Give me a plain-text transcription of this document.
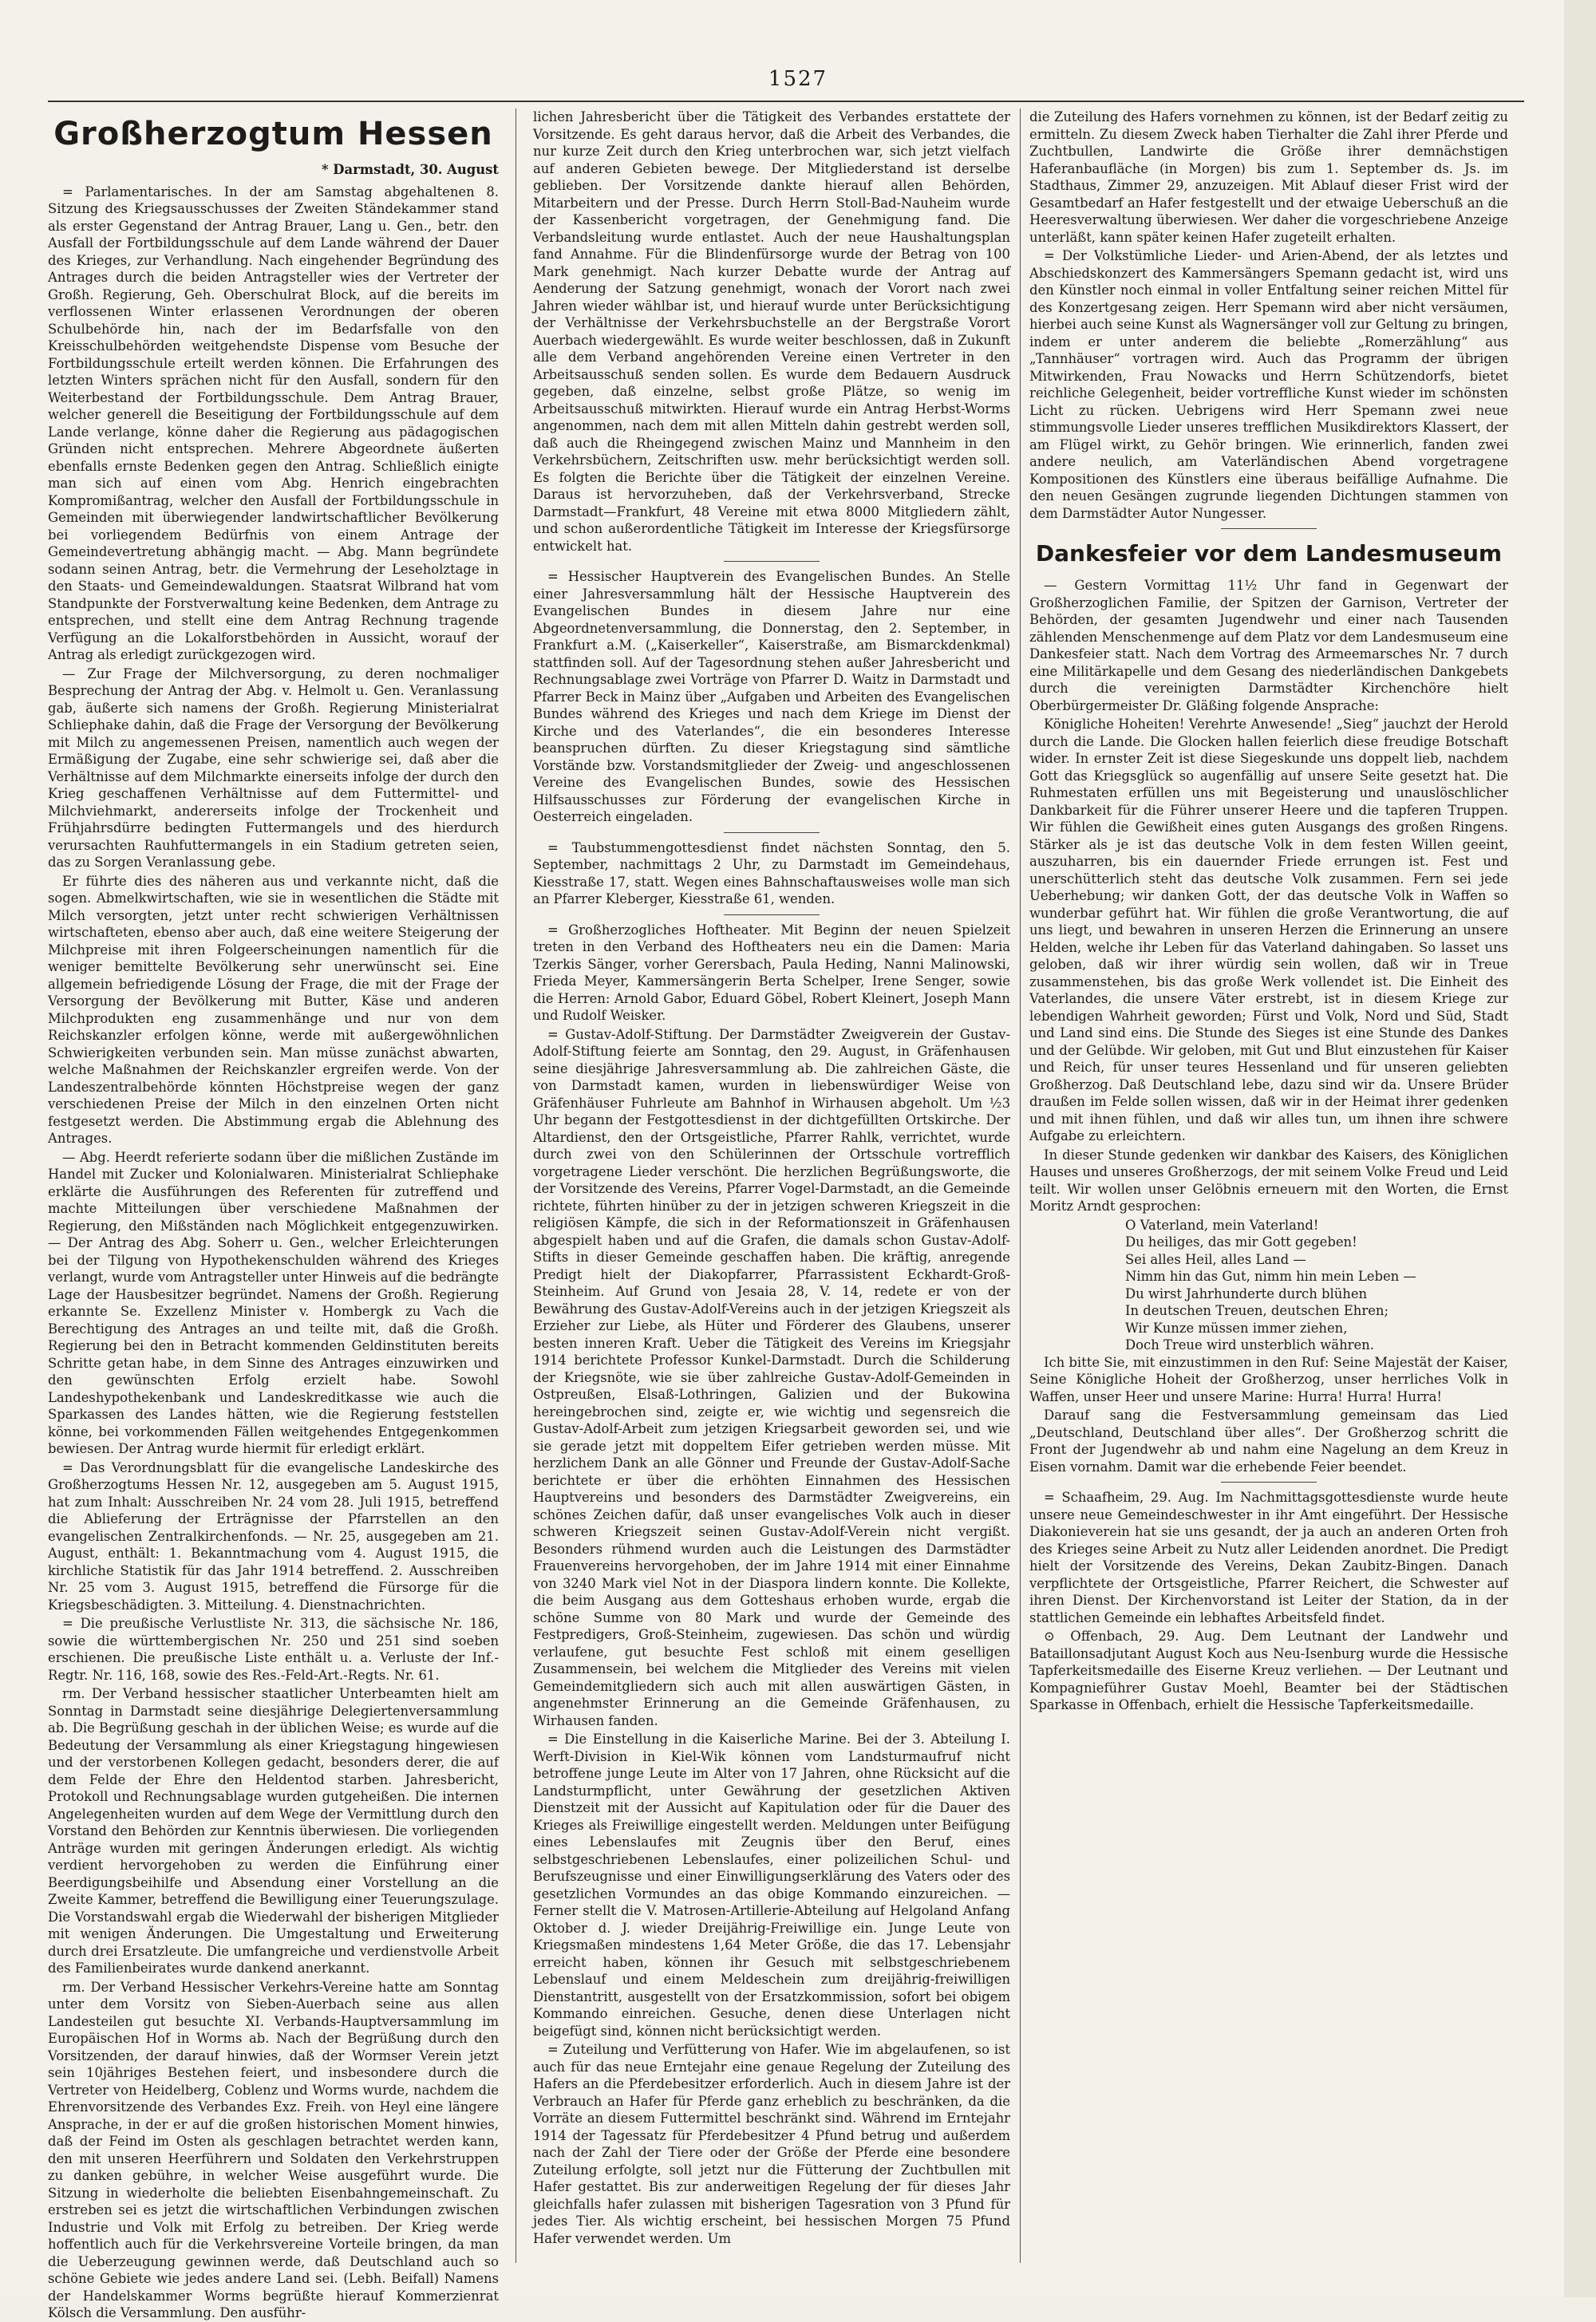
1527
Großherzogtum Hessen
* Darmstadt, 30. August

= Parlamentarisches. In der am Samstag abgehaltenen 8. Sitzung des Kriegsausschusses der Zweiten Ständekammer stand als erster Gegenstand der Antrag Brauer, Lang u. Gen., betr. den Ausfall der Fortbildungsschule auf dem Lande während der Dauer des Krieges, zur Verhandlung. Nach eingehender Begründung des Antrages durch die beiden Antragsteller wies der Vertreter der Großh. Regierung, Geh. Oberschulrat Block, auf die bereits im verflossenen Winter erlassenen Verordnungen der oberen Schulbehörde hin, nach der im Bedarfsfalle von den Kreisschulbehörden weitgehendste Dispense vom Besuche der Fortbildungsschule erteilt werden können. Die Erfahrungen des letzten Winters sprächen nicht für den Ausfall, sondern für den Weiterbestand der Fortbildungsschule. Dem Antrag Brauer, welcher generell die Beseitigung der Fortbildungsschule auf dem Lande verlange, könne daher die Regierung aus pädagogischen Gründen nicht entsprechen. Mehrere Abgeordnete äußerten ebenfalls ernste Bedenken gegen den Antrag. Schließlich einigte man sich auf einen vom Abg. Henrich eingebrachten Kompromißantrag, welcher den Ausfall der Fortbildungsschule in Gemeinden mit überwiegender landwirtschaftlicher Bevölkerung bei vorliegendem Bedürfnis von einem Antrage der Gemeindevertretung abhängig macht. — Abg. Mann begründete sodann seinen Antrag, betr. die Vermehrung der Leseholztage in den Staats- und Gemeindewaldungen. Staatsrat Wilbrand hat vom Standpunkte der Forstverwaltung keine Bedenken, dem Antrage zu entsprechen, und stellt eine dem Antrag Rechnung tragende Verfügung an die Lokalforstbehörden in Aussicht, worauf der Antrag als erledigt zurückgezogen wird.

— Zur Frage der Milchversorgung, zu deren nochmaliger Besprechung der Antrag der Abg. v. Helmolt u. Gen. Veranlassung gab, äußerte sich namens der Großh. Regierung Ministerialrat Schliephake dahin, daß die Frage der Versorgung der Bevölkerung mit Milch zu angemessenen Preisen, namentlich auch wegen der Ermäßigung der Zugabe, eine sehr schwierige sei, daß aber die Verhältnisse auf dem Milchmarkte einerseits infolge der durch den Krieg geschaffenen Verhältnisse auf dem Futtermittel- und Milchviehmarkt, andererseits infolge der Trockenheit und Frühjahrsdürre bedingten Futtermangels und des hierdurch verursachten Rauhfuttermangels in ein Stadium getreten seien, das zu Sorgen Veranlassung gebe.

Er führte dies des näheren aus und verkannte nicht, daß die sogen. Abmelkwirtschaften, wie sie in wesentlichen die Städte mit Milch versorgten, jetzt unter recht schwierigen Verhältnissen wirtschafteten, ebenso aber auch, daß eine weitere Steigerung der Milchpreise mit ihren Folgeerscheinungen namentlich für die weniger bemittelte Bevölkerung sehr unerwünscht sei. Eine allgemein befriedigende Lösung der Frage, die mit der Frage der Versorgung der Bevölkerung mit Butter, Käse und anderen Milchprodukten eng zusammenhänge und nur von dem Reichskanzler erfolgen könne, werde mit außergewöhnlichen Schwierigkeiten verbunden sein. Man müsse zunächst abwarten, welche Maßnahmen der Reichskanzler ergreifen werde. Von der Landeszentralbehörde könnten Höchstpreise wegen der ganz verschiedenen Preise der Milch in den einzelnen Orten nicht festgesetzt werden. Die Abstimmung ergab die Ablehnung des Antrages.

— Abg. Heerdt referierte sodann über die mißlichen Zustände im Handel mit Zucker und Kolonialwaren. Ministerialrat Schliephake erklärte die Ausführungen des Referenten für zutreffend und machte Mitteilungen über verschiedene Maßnahmen der Regierung, den Mißständen nach Möglichkeit entgegenzuwirken. — Der Antrag des Abg. Soherr u. Gen., welcher Erleichterungen bei der Tilgung von Hypothekenschulden während des Krieges verlangt, wurde vom Antragsteller unter Hinweis auf die bedrängte Lage der Hausbesitzer begründet. Namens der Großh. Regierung erkannte Se. Exzellenz Minister v. Hombergk zu Vach die Berechtigung des Antrages an und teilte mit, daß die Großh. Regierung bei den in Betracht kommenden Geldinstituten bereits Schritte getan habe, in dem Sinne des Antrages einzuwirken und den gewünschten Erfolg erzielt habe. Sowohl Landeshypothekenbank und Landeskreditkasse wie auch die Sparkassen des Landes hätten, wie die Regierung feststellen könne, bei vorkommenden Fällen weitgehendes Entgegenkommen bewiesen. Der Antrag wurde hiermit für erledigt erklärt.

= Das Verordnungsblatt für die evangelische Landeskirche des Großherzogtums Hessen Nr. 12, ausgegeben am 5. August 1915, hat zum Inhalt: Ausschreiben Nr. 24 vom 28. Juli 1915, betreffend die Ablieferung der Erträgnisse der Pfarrstellen an den evangelischen Zentralkirchenfonds. — Nr. 25, ausgegeben am 21. August, enthält: 1. Bekanntmachung vom 4. August 1915, die kirchliche Statistik für das Jahr 1914 betreffend. 2. Ausschreiben Nr. 25 vom 3. August 1915, betreffend die Fürsorge für die Kriegsbeschädigten. 3. Mitteilung. 4. Dienstnachrichten.

= Die preußische Verlustliste Nr. 313, die sächsische Nr. 186, sowie die württembergischen Nr. 250 und 251 sind soeben erschienen. Die preußische Liste enthält u. a. Verluste der Inf.-Regtr. Nr. 116, 168, sowie des Res.-Feld-Art.-Regts. Nr. 61.

rm. Der Verband hessischer staatlicher Unterbeamten hielt am Sonntag in Darmstadt seine diesjährige Delegiertenversammlung ab. Die Begrüßung geschah in der üblichen Weise; es wurde auf die Bedeutung der Versammlung als einer Kriegstagung hingewiesen und der verstorbenen Kollegen gedacht, besonders derer, die auf dem Felde der Ehre den Heldentod starben. Jahresbericht, Protokoll und Rechnungsablage wurden gutgeheißen. Die internen Angelegenheiten wurden auf dem Wege der Vermittlung durch den Vorstand den Behörden zur Kenntnis überwiesen. Die vorliegenden Anträge wurden mit geringen Änderungen erledigt. Als wichtig verdient hervorgehoben zu werden die Einführung einer Beerdigungsbeihilfe und Absendung einer Vorstellung an die Zweite Kammer, betreffend die Bewilligung einer Teuerungszulage. Die Vorstandswahl ergab die Wiederwahl der bisherigen Mitglieder mit wenigen Änderungen. Die Umgestaltung und Erweiterung durch drei Ersatzleute. Die umfangreiche und verdienstvolle Arbeit des Familienbeirates wurde dankend anerkannt.

rm. Der Verband Hessischer Verkehrs-Vereine hatte am Sonntag unter dem Vorsitz von Sieben-Auerbach seine aus allen Landesteilen gut besuchte XI. Verbands-Hauptversammlung im Europäischen Hof in Worms ab. Nach der Begrüßung durch den Vorsitzenden, der darauf hinwies, daß der Wormser Verein jetzt sein 10jähriges Bestehen feiert, und insbesondere durch die Vertreter von Heidelberg, Coblenz und Worms wurde, nachdem die Ehrenvorsitzende des Verbandes Exz. Freih. von Heyl eine längere Ansprache, in der er auf die großen historischen Moment hinwies, daß der Feind im Osten als geschlagen betrachtet werden kann, den mit unseren Heerführern und Soldaten den Verkehrstruppen zu danken gebühre, in welcher Weise ausgeführt wurde. Die Sitzung in wiederholte die beliebten Eisenbahngemeinschaft. Zu erstreben sei es jetzt die wirtschaftlichen Verbindungen zwischen Industrie und Volk mit Erfolg zu betreiben. Der Krieg werde hoffentlich auch für die Verkehrsvereine Vorteile bringen, da man die Ueberzeugung gewinnen werde, daß Deutschland auch so schöne Gebiete wie jedes andere Land sei. (Lebh. Beifall) Namens der Handelskammer Worms begrüßte hierauf Kommerzienrat Kölsch die Versammlung. Den ausführ-

lichen Jahresbericht über die Tätigkeit des Verbandes erstattete der Vorsitzende. Es geht daraus hervor, daß die Arbeit des Verbandes, die nur kurze Zeit durch den Krieg unterbrochen war, sich jetzt vielfach auf anderen Gebieten bewege. Der Mitgliederstand ist derselbe geblieben. Der Vorsitzende dankte hierauf allen Behörden, Mitarbeitern und der Presse. Durch Herrn Stoll-Bad-Nauheim wurde der Kassenbericht vorgetragen, der Genehmigung fand. Die Verbandsleitung wurde entlastet. Auch der neue Haushaltungsplan fand Annahme. Für die Blindenfürsorge wurde der Betrag von 100 Mark genehmigt. Nach kurzer Debatte wurde der Antrag auf Aenderung der Satzung genehmigt, wonach der Vorort nach zwei Jahren wieder wählbar ist, und hierauf wurde unter Berücksichtigung der Verhältnisse der Verkehrsbuchstelle an der Bergstraße Vorort Auerbach wiedergewählt. Es wurde weiter beschlossen, daß in Zukunft alle dem Verband angehörenden Vereine einen Vertreter in den Arbeitsausschuß senden sollen. Es wurde dem Bedauern Ausdruck gegeben, daß einzelne, selbst große Plätze, so wenig im Arbeitsausschuß mitwirkten. Hierauf wurde ein Antrag Herbst-Worms angenommen, nach dem mit allen Mitteln dahin gestrebt werden soll, daß auch die Rheingegend zwischen Mainz und Mannheim in den Verkehrsbüchern, Zeitschriften usw. mehr berücksichtigt werden soll. Es folgten die Berichte über die Tätigkeit der einzelnen Vereine. Daraus ist hervorzuheben, daß der Verkehrsverband, Strecke Darmstadt—Frankfurt, 48 Vereine mit etwa 8000 Mitgliedern zählt, und schon außerordentliche Tätigkeit im Interesse der Kriegsfürsorge entwickelt hat.

= Hessischer Hauptverein des Evangelischen Bundes. An Stelle einer Jahresversammlung hält der Hessische Hauptverein des Evangelischen Bundes in diesem Jahre nur eine Abgeordnetenversammlung, die Donnerstag, den 2. September, in Frankfurt a.M. („Kaiserkeller“, Kaiserstraße, am Bismarckdenkmal) stattfinden soll. Auf der Tagesordnung stehen außer Jahresbericht und Rechnungsablage zwei Vorträge von Pfarrer D. Waitz in Darmstadt und Pfarrer Beck in Mainz über „Aufgaben und Arbeiten des Evangelischen Bundes während des Krieges und nach dem Kriege im Dienst der Kirche und des Vaterlandes“, die ein besonderes Interesse beanspruchen dürften. Zu dieser Kriegstagung sind sämtliche Vorstände bzw. Vorstandsmitglieder der Zweig- und angeschlossenen Vereine des Evangelischen Bundes, sowie des Hessischen Hilfsausschusses zur Förderung der evangelischen Kirche in Oesterreich eingeladen.

= Taubstummengottesdienst findet nächsten Sonntag, den 5. September, nachmittags 2 Uhr, zu Darmstadt im Gemeindehaus, Kiesstraße 17, statt. Wegen eines Bahnschaftausweises wolle man sich an Pfarrer Kleberger, Kiesstraße 61, wenden.

= Großherzogliches Hoftheater. Mit Beginn der neuen Spielzeit treten in den Verband des Hoftheaters neu ein die Damen: Maria Tzerkis Sänger, vorher Gerersbach, Paula Heding, Nanni Malinowski, Frieda Meyer, Kammersängerin Berta Schelper, Irene Senger, sowie die Herren: Arnold Gabor, Eduard Göbel, Robert Kleinert, Joseph Mann und Rudolf Weisker.

= Gustav-Adolf-Stiftung. Der Darmstädter Zweigverein der Gustav-Adolf-Stiftung feierte am Sonntag, den 29. August, in Gräfenhausen seine diesjährige Jahresversammlung ab. Die zahlreichen Gäste, die von Darmstadt kamen, wurden in liebenswürdiger Weise von Gräfenhäuser Fuhrleute am Bahnhof in Wirhausen abgeholt. Um ½3 Uhr begann der Festgottesdienst in der dichtgefüllten Ortskirche. Der Altardienst, den der Ortsgeistliche, Pfarrer Rahlk, verrichtet, wurde durch zwei von den Schülerinnen der Ortsschule vortrefflich vorgetragene Lieder verschönt. Die herzlichen Begrüßungsworte, die der Vorsitzende des Vereins, Pfarrer Vogel-Darmstadt, an die Gemeinde richtete, führten hinüber zu der in jetzigen schweren Kriegszeit in die religiösen Kämpfe, die sich in der Reformationszeit in Gräfenhausen abgespielt haben und auf die Grafen, die damals schon Gustav-Adolf-Stifts in dieser Gemeinde geschaffen haben. Die kräftig, anregende Predigt hielt der Diakopfarrer, Pfarrassistent Eckhardt-Groß-Steinheim. Auf Grund von Jesaia 28, V. 14, redete er von der Bewährung des Gustav-Adolf-Vereins auch in der jetzigen Kriegszeit als Erzieher zur Liebe, als Hüter und Förderer des Glaubens, unserer besten inneren Kraft. Ueber die Tätigkeit des Vereins im Kriegsjahr 1914 berichtete Professor Kunkel-Darmstadt. Durch die Schilderung der Kriegsnöte, wie sie über zahlreiche Gustav-Adolf-Gemeinden in Ostpreußen, Elsaß-Lothringen, Galizien und der Bukowina hereingebrochen sind, zeigte er, wie wichtig und segensreich die Gustav-Adolf-Arbeit zum jetzigen Kriegsarbeit geworden sei, und wie sie gerade jetzt mit doppeltem Eifer getrieben werden müsse. Mit herzlichem Dank an alle Gönner und Freunde der Gustav-Adolf-Sache berichtete er über die erhöhten Einnahmen des Hessischen Hauptvereins und besonders des Darmstädter Zweigvereins, ein schönes Zeichen dafür, daß unser evangelisches Volk auch in dieser schweren Kriegszeit seinen Gustav-Adolf-Verein nicht vergißt. Besonders rühmend wurden auch die Leistungen des Darmstädter Frauenvereins hervorgehoben, der im Jahre 1914 mit einer Einnahme von 3240 Mark viel Not in der Diaspora lindern konnte. Die Kollekte, die beim Ausgang aus dem Gotteshaus erhoben wurde, ergab die schöne Summe von 80 Mark und wurde der Gemeinde des Festpredigers, Groß-Steinheim, zugewiesen. Das schön und würdig verlaufene, gut besuchte Fest schloß mit einem geselligen Zusammensein, bei welchem die Mitglieder des Vereins mit vielen Gemeindemitgliedern sich auch mit allen auswärtigen Gästen, in angenehmster Erinnerung an die Gemeinde Gräfenhausen, zu Wirhausen fanden.

= Die Einstellung in die Kaiserliche Marine. Bei der 3. Abteilung I. Werft-Division in Kiel-Wik können vom Landsturmaufruf nicht betroffene junge Leute im Alter von 17 Jahren, ohne Rücksicht auf die Landsturmpflicht, unter Gewährung der gesetzlichen Aktiven Dienstzeit mit der Aussicht auf Kapitulation oder für die Dauer des Krieges als Freiwillige eingestellt werden. Meldungen unter Beifügung eines Lebenslaufes mit Zeugnis über den Beruf, eines selbstgeschriebenen Lebenslaufes, einer polizeilichen Schul- und Berufszeugnisse und einer Einwilligungserklärung des Vaters oder des gesetzlichen Vormundes an das obige Kommando einzureichen. — Ferner stellt die V. Matrosen-Artillerie-Abteilung auf Helgoland Anfang Oktober d. J. wieder Dreijährig-Freiwillige ein. Junge Leute von Kriegsmaßen mindestens 1,64 Meter Größe, die das 17. Lebensjahr erreicht haben, können ihr Gesuch mit selbstgeschriebenem Lebenslauf und einem Meldeschein zum dreijährig-freiwilligen Dienstantritt, ausgestellt von der Ersatzkommission, sofort bei obigem Kommando einreichen. Gesuche, denen diese Unterlagen nicht beigefügt sind, können nicht berücksichtigt werden.

= Zuteilung und Verfütterung von Hafer. Wie im abgelaufenen, so ist auch für das neue Erntejahr eine genaue Regelung der Zuteilung des Hafers an die Pferdebesitzer erforderlich. Auch in diesem Jahre ist der Verbrauch an Hafer für Pferde ganz erheblich zu beschränken, da die Vorräte an diesem Futtermittel beschränkt sind. Während im Erntejahr 1914 der Tagessatz für Pferdebesitzer 4 Pfund betrug und außerdem nach der Zahl der Tiere oder der Größe der Pferde eine besondere Zuteilung erfolgte, soll jetzt nur die Fütterung der Zuchtbullen mit Hafer gestattet. Bis zur anderweitigen Regelung der für dieses Jahr gleichfalls hafer zulassen mit bisherigen Tagesration von 3 Pfund für jedes Tier. Als wichtig erscheint, bei hessischen Morgen 75 Pfund Hafer verwendet werden. Um

die Zuteilung des Hafers vornehmen zu können, ist der Bedarf zeitig zu ermitteln. Zu diesem Zweck haben Tierhalter die Zahl ihrer Pferde und Zuchtbullen, Landwirte die Größe ihrer demnächstigen Haferanbaufläche (in Morgen) bis zum 1. September ds. Js. im Stadthaus, Zimmer 29, anzuzeigen. Mit Ablauf dieser Frist wird der Gesamtbedarf an Hafer festgestellt und der etwaige Ueberschuß an die Heeresverwaltung überwiesen. Wer daher die vorgeschriebene Anzeige unterläßt, kann später keinen Hafer zugeteilt erhalten.

= Der Volkstümliche Lieder- und Arien-Abend, der als letztes und Abschiedskonzert des Kammersängers Spemann gedacht ist, wird uns den Künstler noch einmal in voller Entfaltung seiner reichen Mittel für des Konzertgesang zeigen. Herr Spemann wird aber nicht versäumen, hierbei auch seine Kunst als Wagnersänger voll zur Geltung zu bringen, indem er unter anderem die beliebte „Romerzählung“ aus „Tannhäuser“ vortragen wird. Auch das Programm der übrigen Mitwirkenden, Frau Nowacks und Herrn Schützendorfs, bietet reichliche Gelegenheit, beider vortreffliche Kunst wieder im schönsten Licht zu rücken. Uebrigens wird Herr Spemann zwei neue stimmungsvolle Lieder unseres trefflichen Musikdirektors Klassert, der am Flügel wirkt, zu Gehör bringen. Wie erinnerlich, fanden zwei andere neulich, am Vaterländischen Abend vorgetragene Kompositionen des Künstlers eine überaus beifällige Aufnahme. Die den neuen Gesängen zugrunde liegenden Dichtungen stammen von dem Darmstädter Autor Nungesser.

Dankesfeier vor dem Landesmuseum

— Gestern Vormittag 11½ Uhr fand in Gegenwart der Großherzoglichen Familie, der Spitzen der Garnison, Vertreter der Behörden, der gesamten Jugendwehr und einer nach Tausenden zählenden Menschenmenge auf dem Platz vor dem Landesmuseum eine Dankesfeier statt. Nach dem Vortrag des Armeemarsches Nr. 7 durch eine Militärkapelle und dem Gesang des niederländischen Dankgebets durch die vereinigten Darmstädter Kirchenchöre hielt Oberbürgermeister Dr. Gläßing folgende Ansprache:

Königliche Hoheiten! Verehrte Anwesende! „Sieg“ jauchzt der Herold durch die Lande. Die Glocken hallen feierlich diese freudige Botschaft wider. In ernster Zeit ist diese Siegeskunde uns doppelt lieb, nachdem Gott das Kriegsglück so augenfällig auf unsere Seite gesetzt hat. Die Ruhmestaten erfüllen uns mit Begeisterung und unauslöschlicher Dankbarkeit für die Führer unserer Heere und die tapferen Truppen. Wir fühlen die Gewißheit eines guten Ausgangs des großen Ringens. Stärker als je ist das deutsche Volk in dem festen Willen geeint, auszuharren, bis ein dauernder Friede errungen ist. Fest und unerschütterlich steht das deutsche Volk zusammen. Fern sei jede Ueberhebung; wir danken Gott, der das deutsche Volk in Waffen so wunderbar geführt hat. Wir fühlen die große Verantwortung, die auf uns liegt, und bewahren in unseren Herzen die Erinnerung an unsere Helden, welche ihr Leben für das Vaterland dahingaben. So lasset uns geloben, daß wir ihrer würdig sein wollen, daß wir in Treue zusammenstehen, bis das große Werk vollendet ist. Die Einheit des Vaterlandes, die unsere Väter erstrebt, ist in diesem Kriege zur lebendigen Wahrheit geworden; Fürst und Volk, Nord und Süd, Stadt und Land sind eins. Die Stunde des Sieges ist eine Stunde des Dankes und der Gelübde. Wir geloben, mit Gut und Blut einzustehen für Kaiser und Reich, für unser teures Hessenland und für unseren geliebten Großherzog. Daß Deutschland lebe, dazu sind wir da. Unsere Brüder draußen im Felde sollen wissen, daß wir in der Heimat ihrer gedenken und mit ihnen fühlen, und daß wir alles tun, um ihnen ihre schwere Aufgabe zu erleichtern.

In dieser Stunde gedenken wir dankbar des Kaisers, des Königlichen Hauses und unseres Großherzogs, der mit seinem Volke Freud und Leid teilt. Wir wollen unser Gelöbnis erneuern mit den Worten, die Ernst Moritz Arndt gesprochen:

O Vaterland, mein Vaterland!

Du heiliges, das mir Gott gegeben!

Sei alles Heil, alles Land —

Nimm hin das Gut, nimm hin mein Leben —

Du wirst Jahrhunderte durch blühen

In deutschen Treuen, deutschen Ehren;

Wir Kunze müssen immer ziehen,

Doch Treue wird unsterblich währen.

Ich bitte Sie, mit einzustimmen in den Ruf: Seine Majestät der Kaiser, Seine Königliche Hoheit der Großherzog, unser herrliches Volk in Waffen, unser Heer und unsere Marine: Hurra! Hurra! Hurra!

Darauf sang die Festversammlung gemeinsam das Lied „Deutschland, Deutschland über alles“. Der Großherzog schritt die Front der Jugendwehr ab und nahm eine Nagelung an dem Kreuz in Eisen vornahm. Damit war die erhebende Feier beendet.

= Schaafheim, 29. Aug. Im Nachmittagsgottesdienste wurde heute unsere neue Gemeindeschwester in ihr Amt eingeführt. Der Hessische Diakonieverein hat sie uns gesandt, der ja auch an anderen Orten froh des Krieges seine Arbeit zu Nutz aller Leidenden anordnet. Die Predigt hielt der Vorsitzende des Vereins, Dekan Zaubitz-Bingen. Danach verpflichtete der Ortsgeistliche, Pfarrer Reichert, die Schwester auf ihren Dienst. Der Kirchenvorstand ist Leiter der Station, da in der stattlichen Gemeinde ein lebhaftes Arbeitsfeld findet.

⊙ Offenbach, 29. Aug. Dem Leutnant der Landwehr und Bataillonsadjutant August Koch aus Neu-Isenburg wurde die Hessische Tapferkeitsmedaille des Eiserne Kreuz verliehen. — Der Leutnant und Kompagnieführer Gustav Moehl, Beamter bei der Städtischen Sparkasse in Offenbach, erhielt die Hessische Tapferkeitsmedaille.
